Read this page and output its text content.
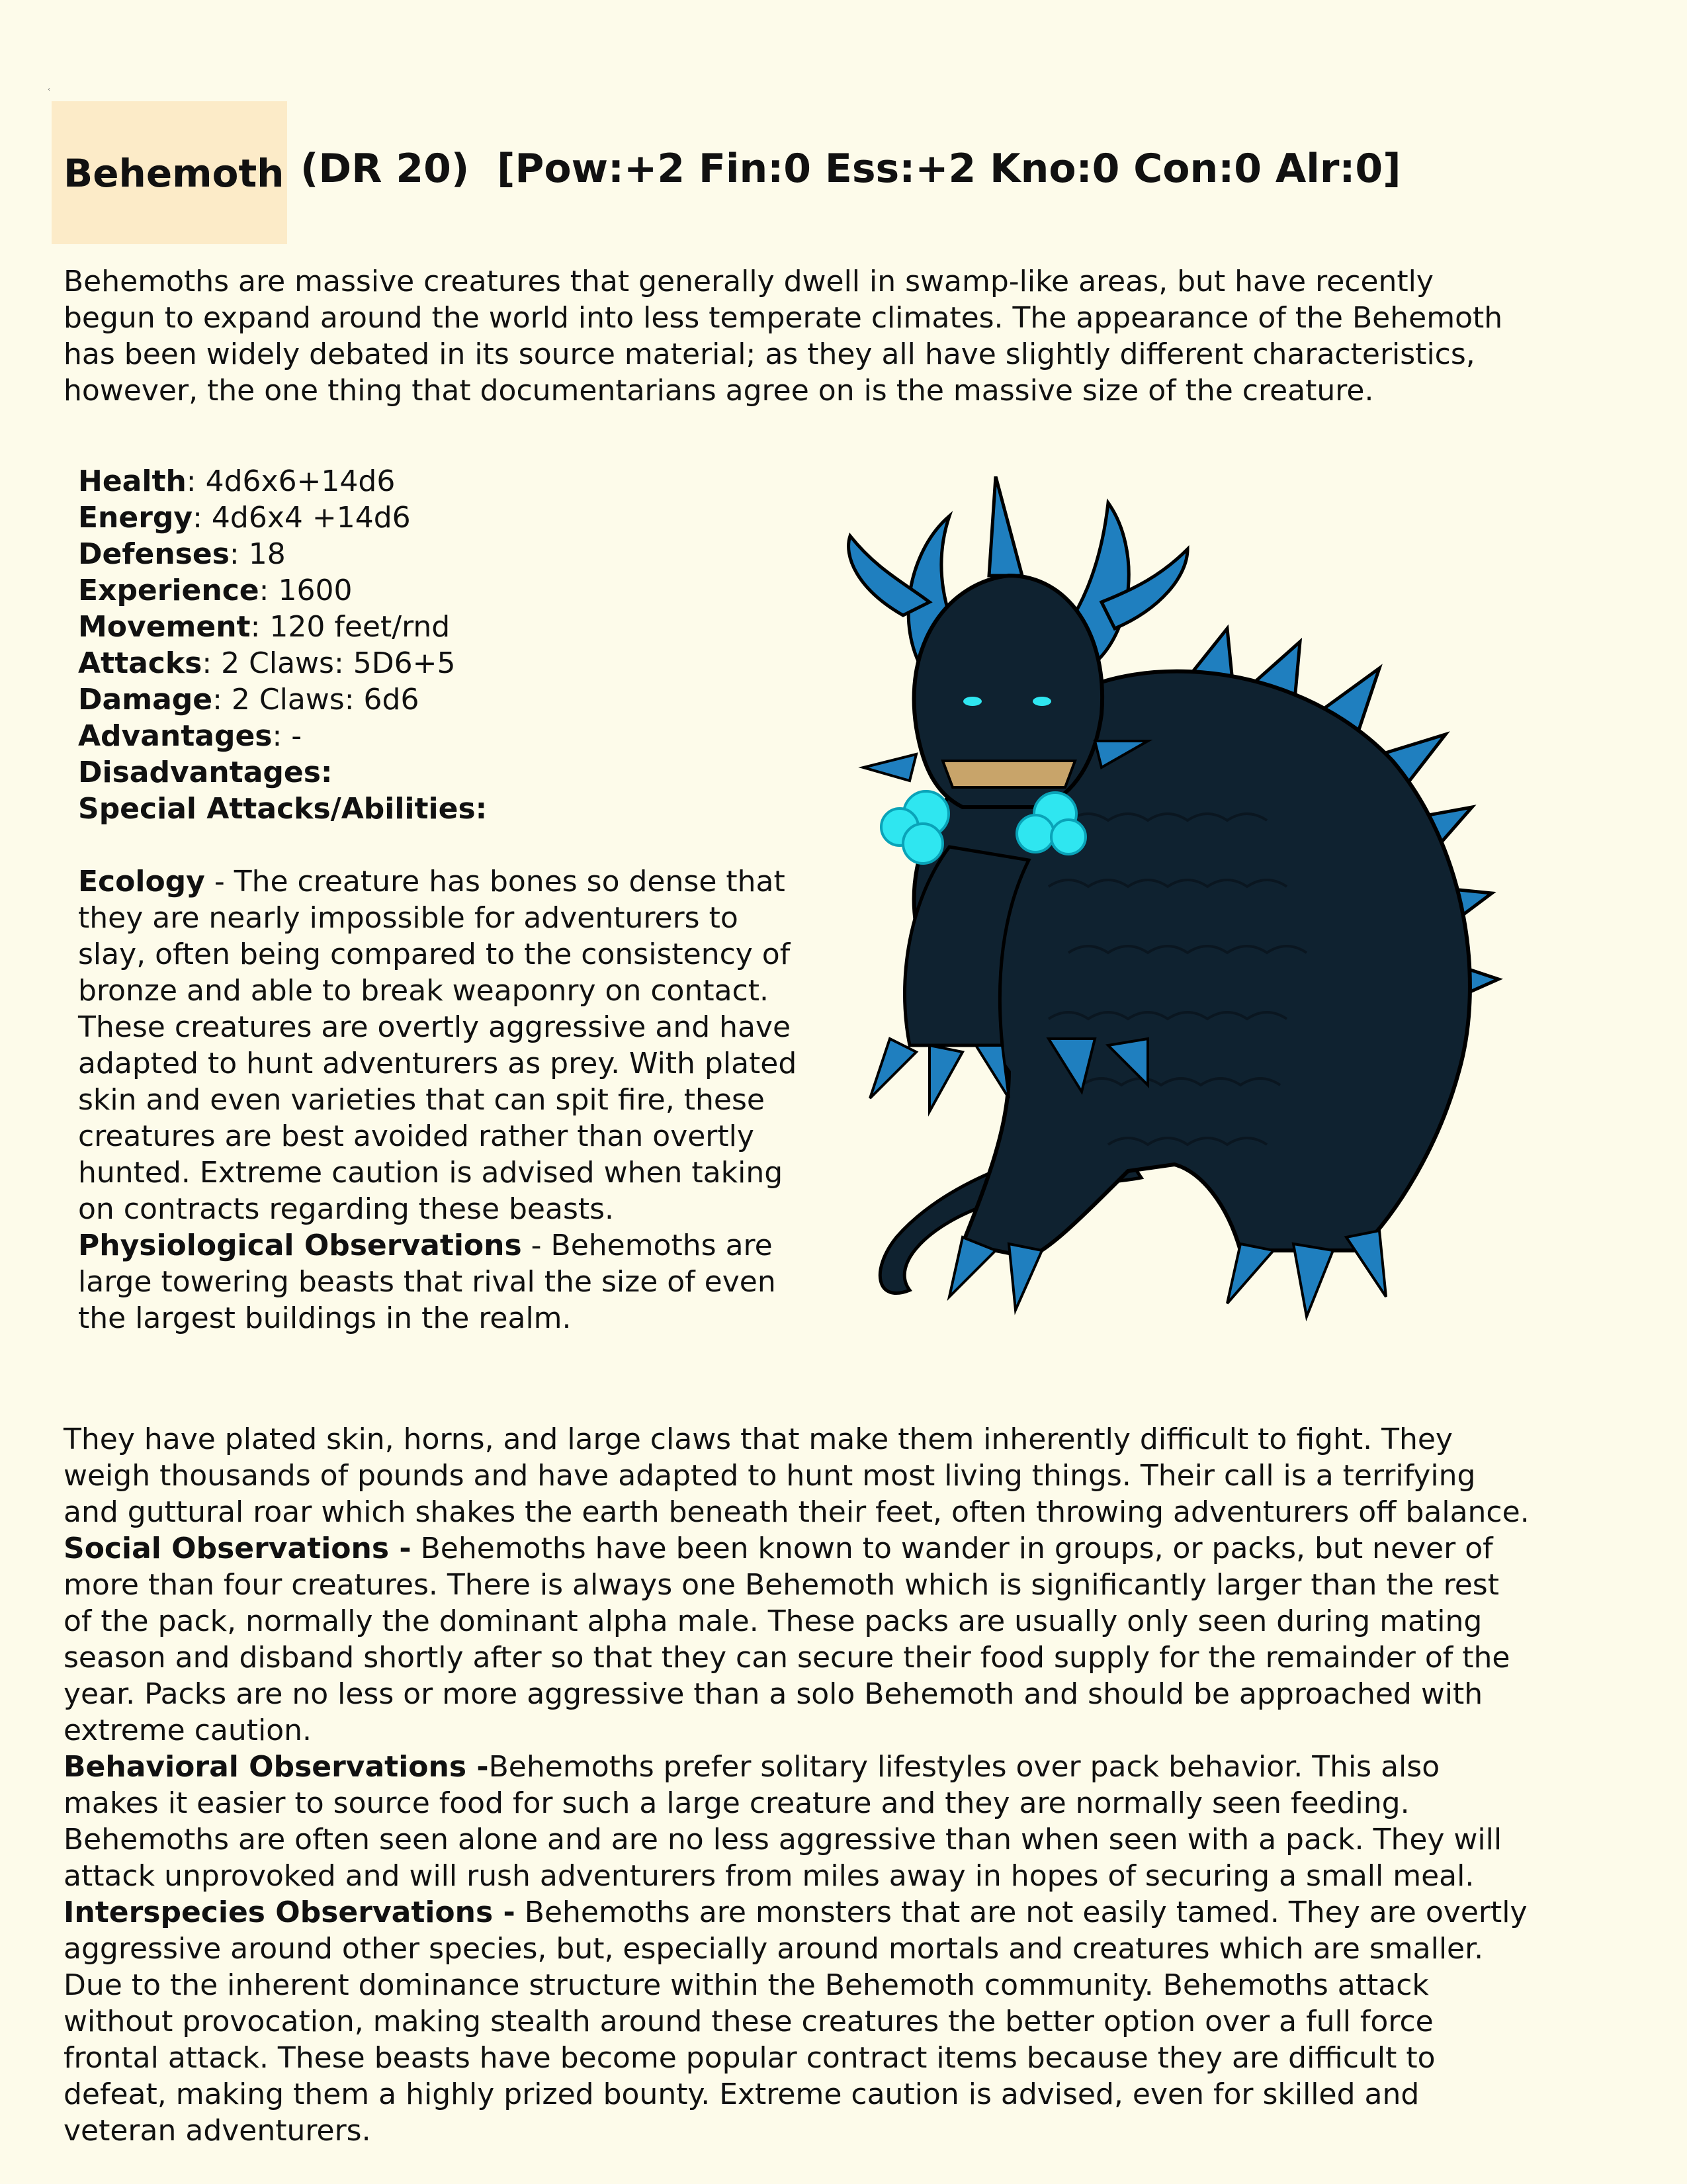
‹
Behemoth (DR 20)  [Pow:+2 Fin:0 Ess:+2 Kno:0 Con:0 Alr:0]

Behemoths are massive creatures that generally dwell in swamp-like areas, but have recently begun to expand around the world into less temperate climates. The appearance of the Behemoth has been widely debated in its source material; as they all have slightly different characteristics, however, the one thing that documentarians agree on is the massive size of the creature.

Health: 4d6x6+14d6
Energy: 4d6x4 +14d6
Defenses: 18
Experience: 1600
Movement: 120 feet/rnd
Attacks: 2 Claws: 5D6+5
Damage: 2 Claws: 6d6
Advantages: -
Disadvantages:
Special Attacks/Abilities:
Ecology - The creature has bones so dense that they are nearly impossible for adventurers to slay, often being compared to the consistency of bronze and able to break weaponry on contact. These creatures are overtly aggressive and have adapted to hunt adventurers as prey. With plated skin and even varieties that can spit fire, these creatures are best avoided rather than overtly hunted. Extreme caution is advised when taking on contracts regarding these beasts.
Physiological Observations - Behemoths are large towering beasts that rival the size of even the largest buildings in the realm.
They have plated skin, horns, and large claws that make them inherently difficult to fight. They weigh thousands of pounds and have adapted to hunt most living things. Their call is a terrifying and guttural roar which shakes the earth beneath their feet, often throwing adventurers off balance.
Social Observations - Behemoths have been known to wander in groups, or packs, but never of more than four creatures. There is always one Behemoth which is significantly larger than the rest of the pack, normally the dominant alpha male. These packs are usually only seen during mating season and disband shortly after so that they can secure their food supply for the remainder of the year. Packs are no less or more aggressive than a solo Behemoth and should be approached with extreme caution.
Behavioral Observations -Behemoths prefer solitary lifestyles over pack behavior. This also makes it easier to source food for such a large creature and they are normally seen feeding. Behemoths are often seen alone and are no less aggressive than when seen with a pack. They will attack unprovoked and will rush adventurers from miles away in hopes of securing a small meal.
Interspecies Observations - Behemoths are monsters that are not easily tamed. They are overtly aggressive around other species, but, especially around mortals and creatures which are smaller. Due to the inherent dominance structure within the Behemoth community. Behemoths attack without provocation, making stealth around these creatures the better option over a full force frontal attack. These beasts have become popular contract items because they are difficult to defeat, making them a highly prized bounty. Extreme caution is advised, even for skilled and veteran adventurers.
